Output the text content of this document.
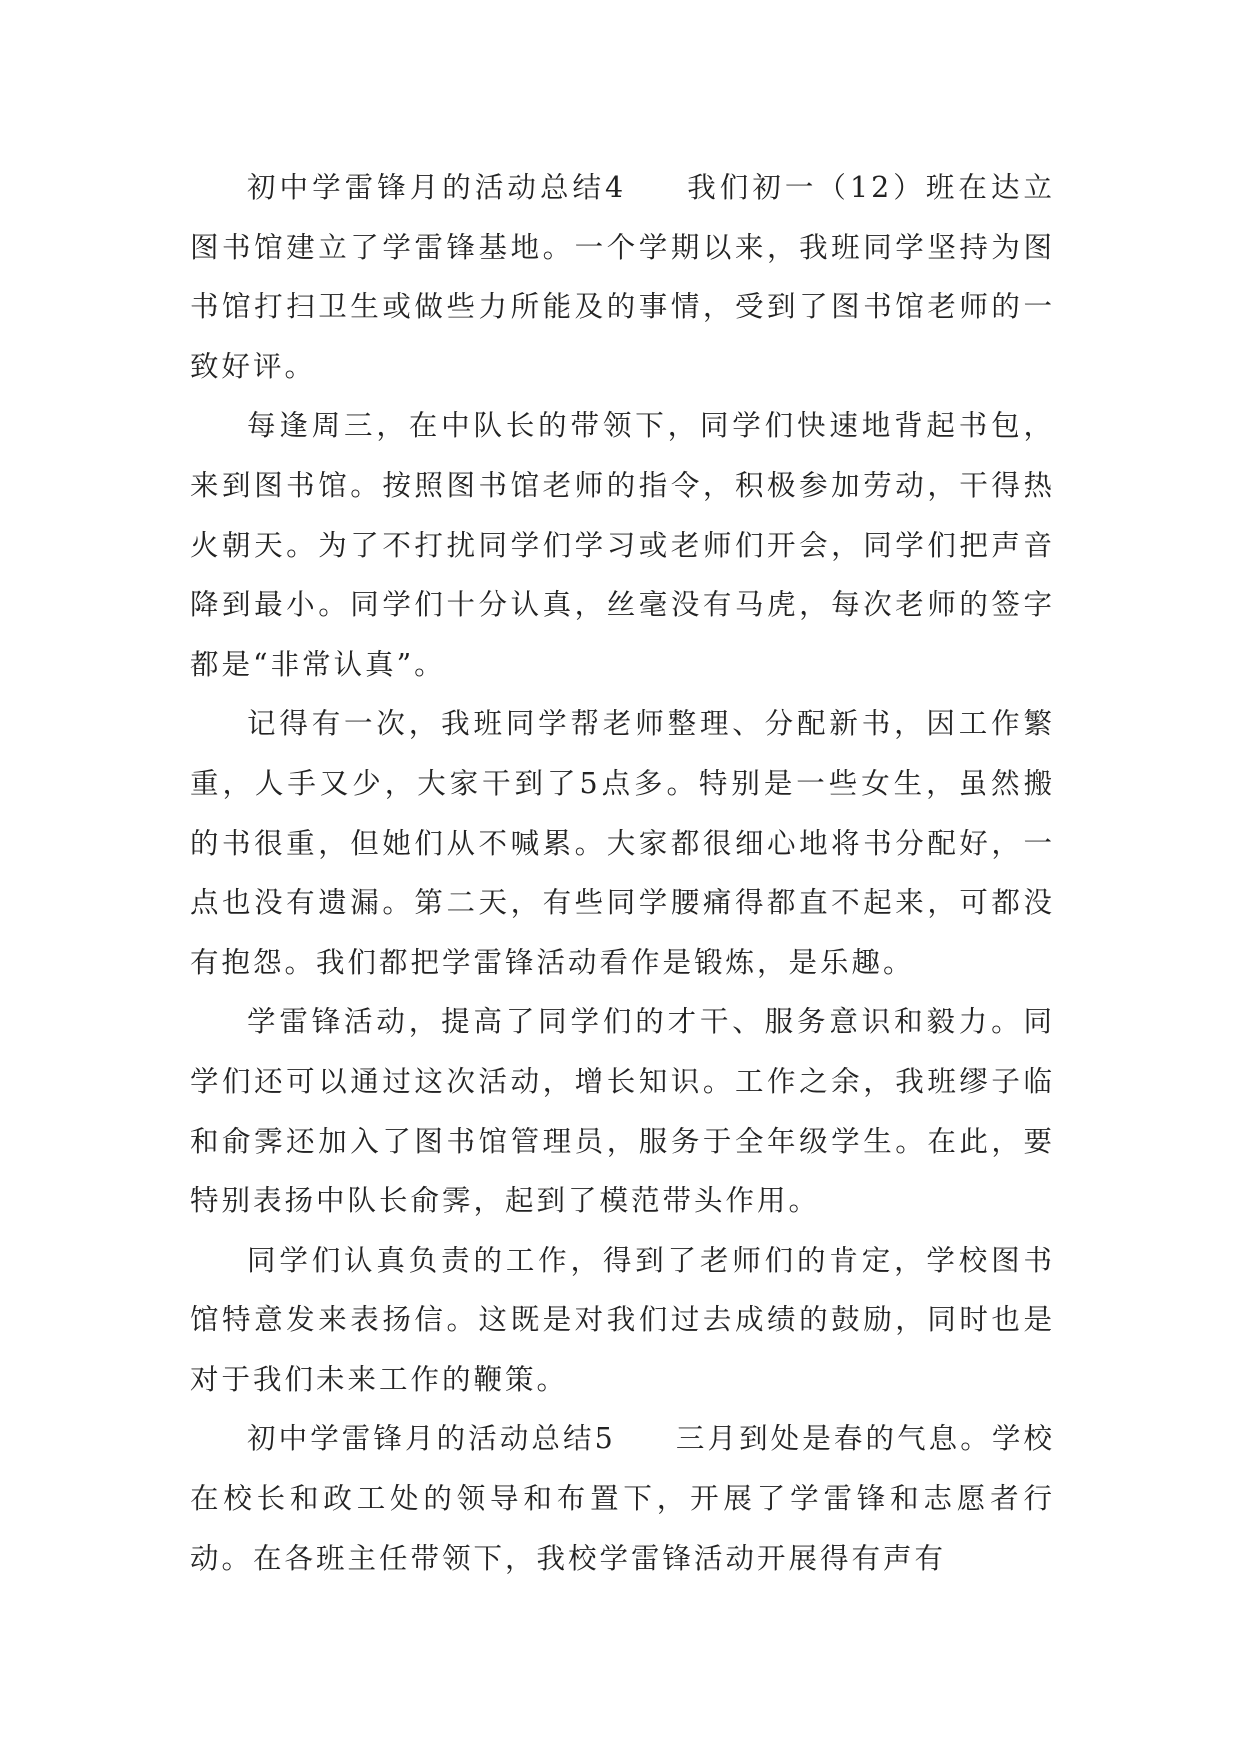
初中学雷锋月的活动总结4 我们初一（12）班在达立图书馆建立了学雷锋基地。一个学期以来，我班同学坚持为图书馆打扫卫生或做些力所能及的事情，受到了图书馆老师的一致好评。

每逢周三，在中队长的带领下，同学们快速地背起书包，来到图书馆。按照图书馆老师的指令，积极参加劳动，干得热火朝天。为了不打扰同学们学习或老师们开会，同学们把声音降到最小。同学们十分认真，丝毫没有马虎，每次老师的签字都是“非常认真”。

记得有一次，我班同学帮老师整理、分配新书，因工作繁重，人手又少，大家干到了5点多。特别是一些女生，虽然搬的书很重，但她们从不喊累。大家都很细心地将书分配好，一点也没有遗漏。第二天，有些同学腰痛得都直不起来，可都没有抱怨。我们都把学雷锋活动看作是锻炼，是乐趣。

学雷锋活动，提高了同学们的才干、服务意识和毅力。同学们还可以通过这次活动，增长知识。工作之余，我班缪子临和俞霁还加入了图书馆管理员，服务于全年级学生。在此，要特别表扬中队长俞霁，起到了模范带头作用。

同学们认真负责的工作，得到了老师们的肯定，学校图书馆特意发来表扬信。这既是对我们过去成绩的鼓励，同时也是对于我们未来工作的鞭策。

初中学雷锋月的活动总结5 三月到处是春的气息。学校在校长和政工处的领导和布置下，开展了学雷锋和志愿者行动。在各班主任带领下，我校学雷锋活动开展得有声有
